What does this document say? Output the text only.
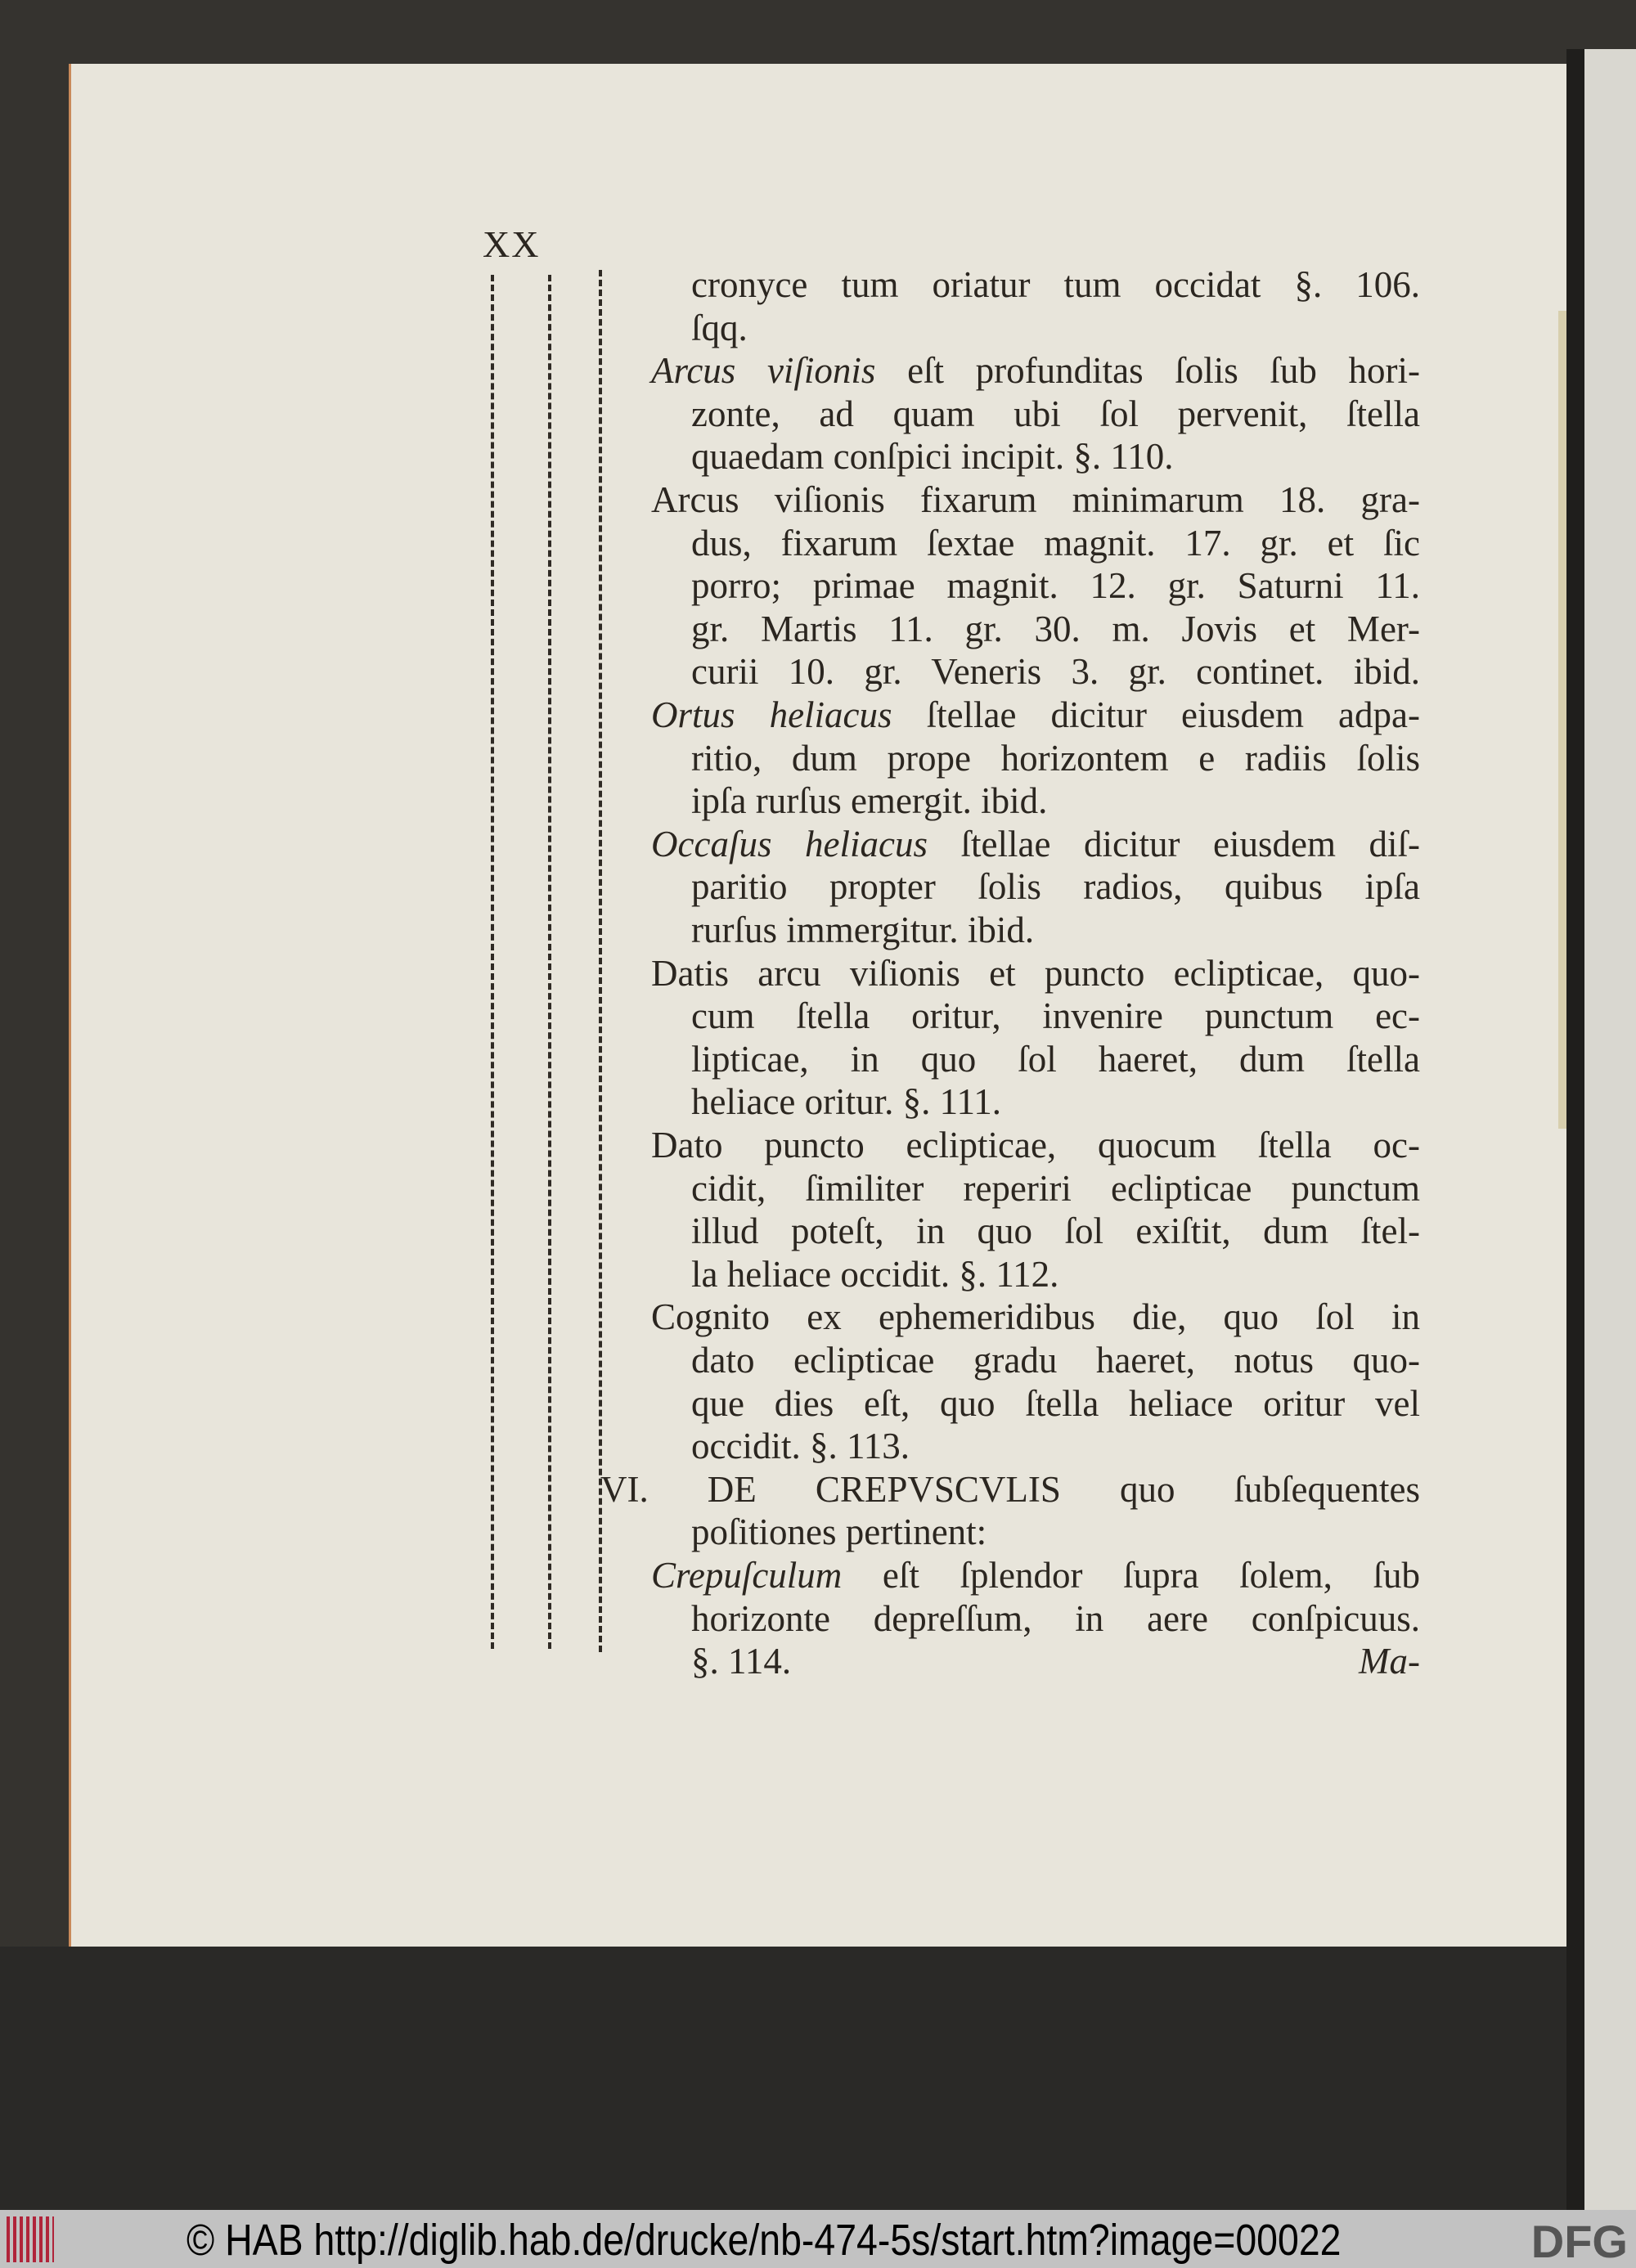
XX
cronyce tum oriatur tum occidat §. 106.
ſqq.
Arcus viſionis eſt profunditas ſolis ſub hori-
zonte, ad quam ubi ſol pervenit, ſtella
quaedam conſpici incipit. §. 110.
Arcus viſionis fixarum minimarum 18. gra-
dus, fixarum ſextae magnit. 17. gr. et ſic
porro; primae magnit. 12. gr. Saturni 11.
gr. Martis 11. gr. 30. m. Jovis et Mer-
curii 10. gr. Veneris 3. gr. continet. ibid.
Ortus heliacus ſtellae dicitur eiusdem adpa-
ritio, dum prope horizontem e radiis ſolis
ipſa rurſus emergit. ibid.
Occaſus heliacus ſtellae dicitur eiusdem diſ-
paritio propter ſolis radios, quibus ipſa
rurſus immergitur. ibid.
Datis arcu viſionis et puncto eclipticae, quo-
cum ſtella oritur, invenire punctum ec-
lipticae, in quo ſol haeret, dum ſtella
heliace oritur. §. 111.
Dato puncto eclipticae, quocum ſtella oc-
cidit, ſimiliter reperiri eclipticae punctum
illud poteſt, in quo ſol exiſtit, dum ſtel-
la heliace occidit. §. 112.
Cognito ex ephemeridibus die, quo ſol in
dato eclipticae gradu haeret, notus quo-
que dies eſt, quo ſtella heliace oritur vel
occidit. §. 113.
VI. DE CREPVSCVLIS quo ſubſequentes
poſitiones pertinent:
Crepuſculum eſt ſplendor ſupra ſolem, ſub
horizonte depreſſum, in aere conſpicuus.
§. 114.	Ma-
© HAB http://diglib.hab.de/drucke/nb-474-5s/start.htm?image=00022	DFG
